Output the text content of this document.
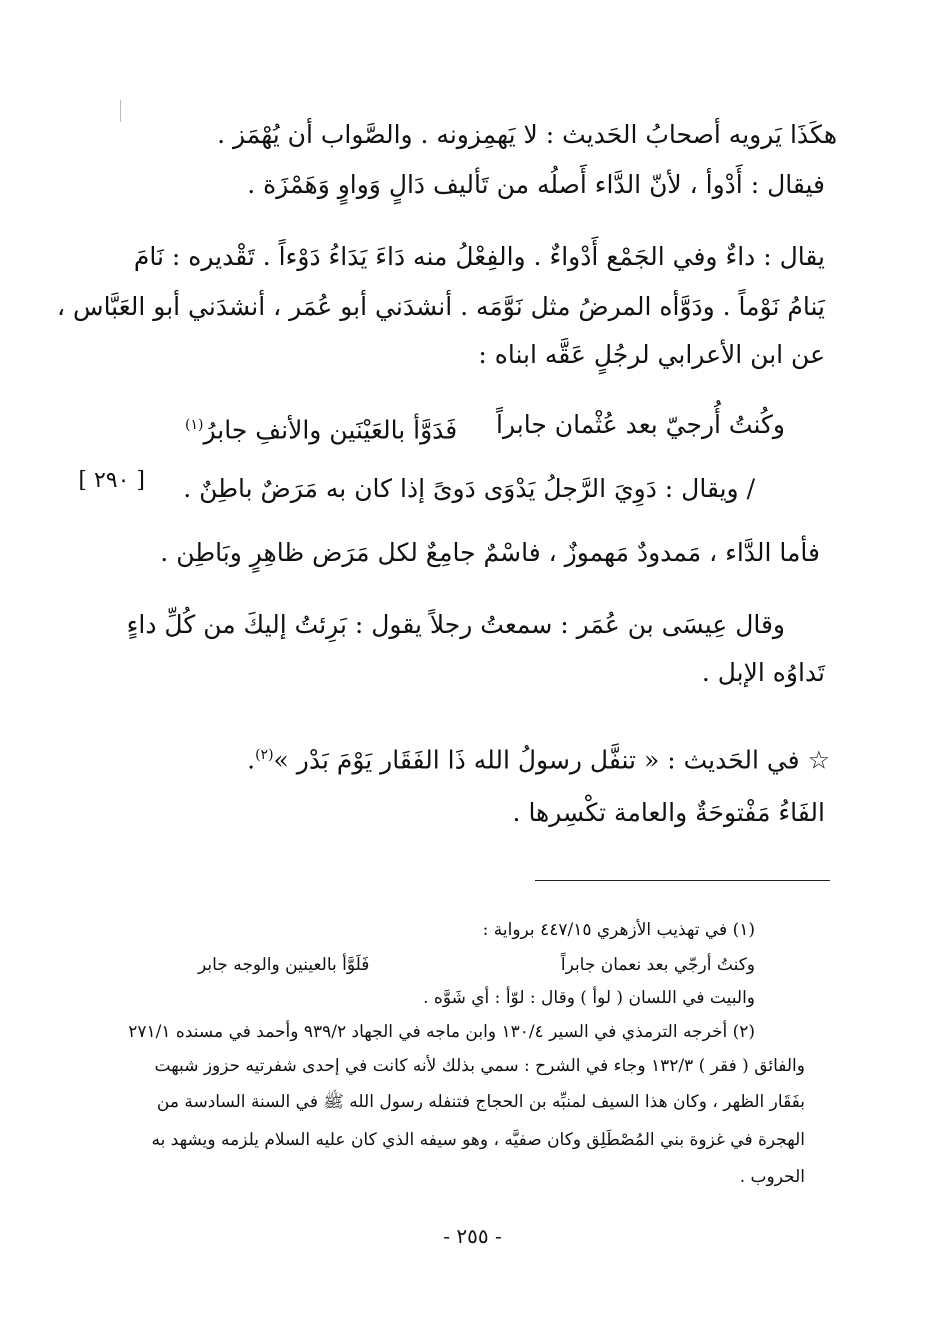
هكَذَا يَرويه أصحابُ الحَديث : لا يَهمِزونه . والصَّواب أن يُهْمَز .
فيقال : أَدْوأ ، لأنّ الدَّاء أَصلُه من تَأليف دَالٍ وَواوٍ وَهَمْزَة .
يقال : داءٌ وفي الجَمْع أَدْواءٌ . والفِعْلُ منه دَاءَ يَدَاءُ دَوْءاً . تَقْديره : نَامَ
يَنامُ نَوْماً . ودَوَّأه المرضُ مثل نَوَّمَه . أنشدَني أبو عُمَر ، أنشدَني أبو العَبَّاس ،
عن ابن الأعرابي لرجُلٍ عَقَّه ابناه :
وكُنتُ أُرجيّ بعد عُثْمان جابراً
فَدَوَّأ بالعَيْنَين والأنفِ جابرُ$^{(١)}$
/ ويقال : دَوِيَ الرَّجلُ يَدْوَى دَوىً إذا كان به مَرَضٌ باطِنٌ .
[ ٢٩٠ ]
فأما الدَّاء ، مَمدودٌ مَهموزٌ ، فاسْمٌ جامِعٌ لكل مَرَض ظاهِرٍ وبَاطِن .
وقال عِيسَى بن عُمَر : سمعتُ رجلاً يقول : بَرِئتُ إليكَ من كُلِّ داءٍ
تَداوُه الإبل .
☆ في الحَديث : « تنفَّل رسولُ الله ذَا الفَقَار يَوْمَ بَدْر »$^{(٢)}$.
الفَاءُ مَفْتوحَةٌ والعامة تكْسِرها .
(١) في تهذيب الأزهري ٤٤٧/١٥ برواية :
وكنتُ أرجّي بعد نعمان جابراً
فَلَوَّأ بالعينين والوجه جابر
والبيت في اللسان ( لوأ ) وقال : لوّأ : أي شَوَّه .
(٢) أخرجه الترمذي في السير ١٣٠/٤ وابن ماجه في الجهاد ٩٣٩/٢ وأحمد في مسنده ٢٧١/١
والفائق ( فقر ) ١٣٢/٣ وجاء في الشرح : سمي بذلك لأنه كانت في إحدى شفرتيه حزوز شبهت
بفَقَار الظهر ، وكان هذا السيف لمنبِّه بن الحجاج فتنفله رسول الله ﷺ في السنة السادسة من
الهجرة في غزوة بني المُصْطَلِق وكان صفيَّه ، وهو سيفه الذي كان عليه السلام يلزمه ويشهد به
الحروب .
- ٢٥٥ -
